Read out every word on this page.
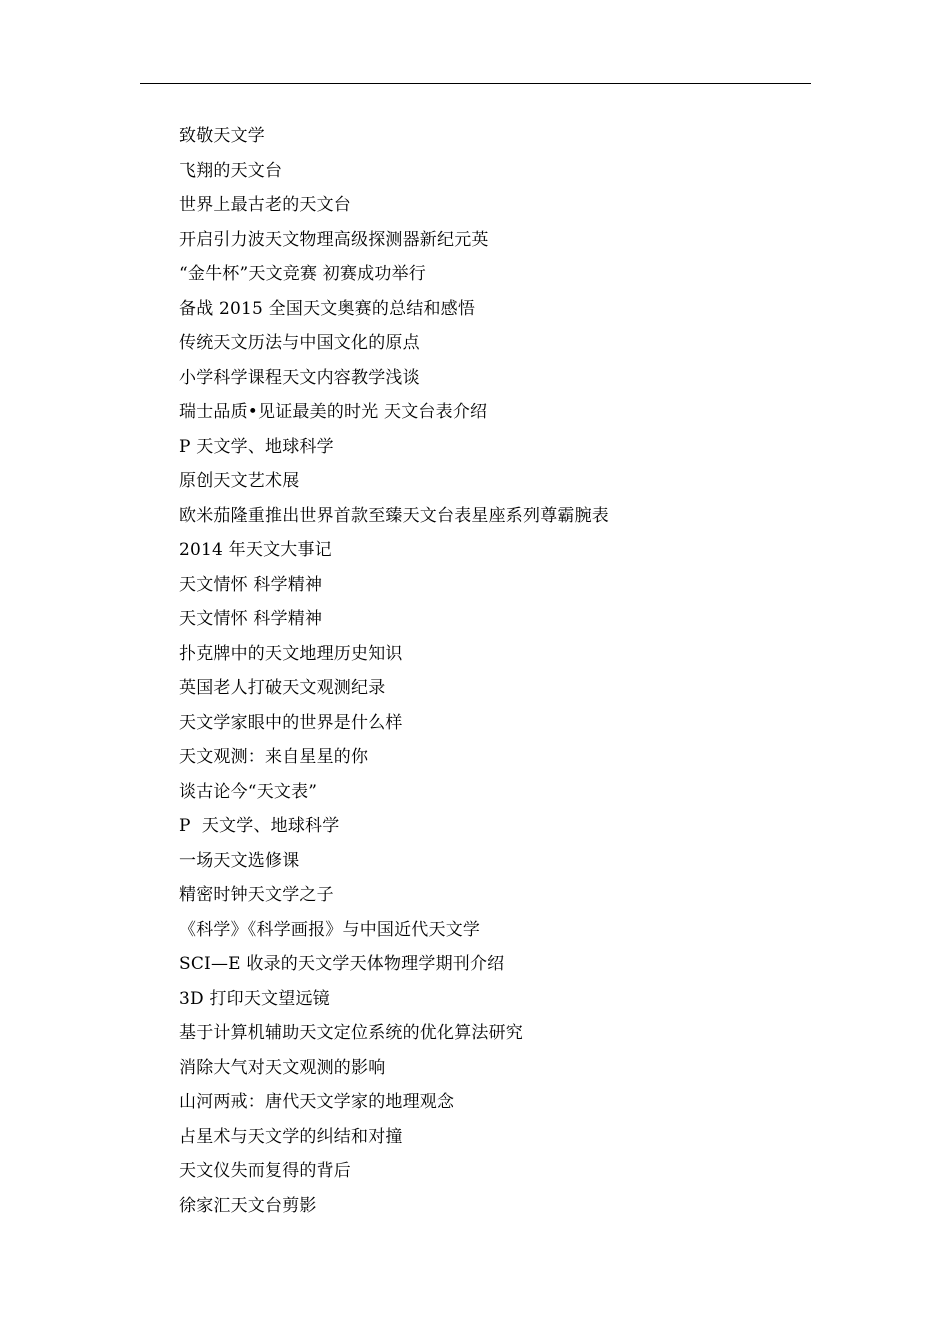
致敬天文学
飞翔的天文台
世界上最古老的天文台
开启引力波天文物理高级探测器新纪元英
“金牛杯”天文竞赛 初赛成功举行
备战 2015 全国天文奥赛的总结和感悟
传统天文历法与中国文化的原点
小学科学课程天文内容教学浅谈
瑞士品质•见证最美的时光 天文台表介绍
P 天文学、地球科学
原创天文艺术展
欧米茄隆重推出世界首款至臻天文台表星座系列尊霸腕表
2014 年天文大事记
天文情怀 科学精神
天文情怀 科学精神
扑克牌中的天文地理历史知识
英国老人打破天文观测纪录
天文学家眼中的世界是什么样
天文观测：来自星星的你
谈古论今“天文表”
P  天文学、地球科学
一场天文选修课
精密时钟天文学之子
《科学》《科学画报》与中国近代天文学
SCI—E 收录的天文学天体物理学期刊介绍
3D 打印天文望远镜
基于计算机辅助天文定位系统的优化算法研究
消除大气对天文观测的影响
山河两戒：唐代天文学家的地理观念
占星术与天文学的纠结和对撞
天文仪失而复得的背后
徐家汇天文台剪影
